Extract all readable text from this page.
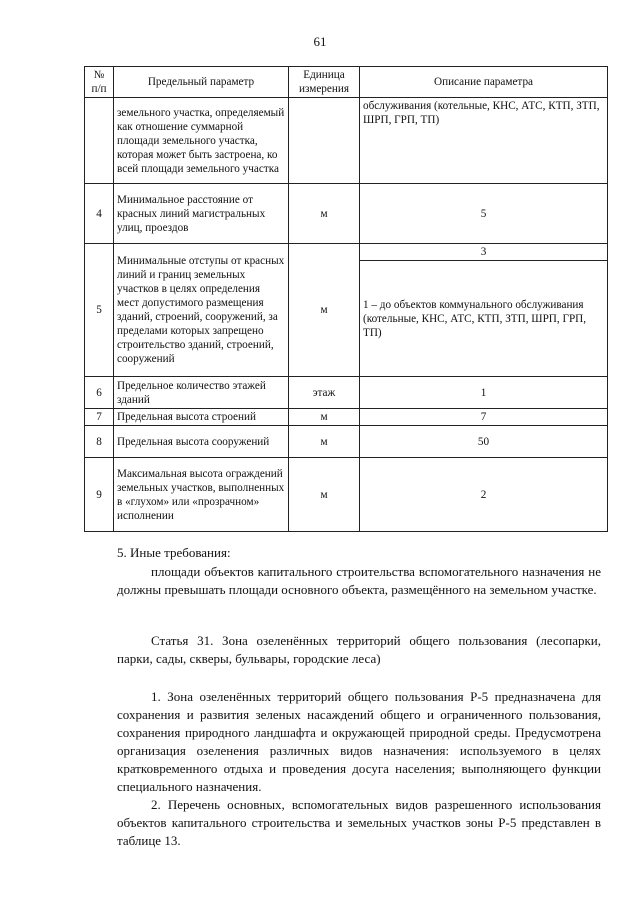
61
№ п/п	Предельный параметр	Единица измерения	Описание параметра
	земельного участка, определяемый как отношение суммарной площади земельного участка, которая может быть застроена, ко всей площади земельного участка		обслуживания (котельные, КНС, АТС, КТП, ЗТП, ШРП, ГРП, ТП)
4	Минимальное расстояние от красных линий магистральных улиц, проездов	м	5
5	Минимальные отступы от красных линий и границ земельных участков в целях определения мест допустимого размещения зданий, строений, сооружений, за пределами которых запрещено строительство зданий, строений, сооружений	м	3
			1 – до объектов коммунального обслуживания (котельные, КНС, АТС, КТП, ЗТП, ШРП, ГРП, ТП)
6	Предельное количество этажей зданий	этаж	1
7	Предельная высота строений	м	7
8	Предельная высота сооружений	м	50
9	Максимальная высота ограждений земельных участков, выполненных в «глухом» или «прозрачном» исполнении	м	2
5. Иные требования:

площади объектов капитального строительства вспомогательного назначения не должны превышать площади основного объекта, размещённого на земельном участке.

Статья 31. Зона озеленённых территорий общего пользования (лесопарки, парки, сады, скверы, бульвары, городские леса)

1. Зона озеленённых территорий общего пользования Р-5 предназначена для сохранения и развития зеленых насаждений общего и ограниченного пользования, сохранения природного ландшафта и окружающей природной среды. Предусмотрена организация озеленения различных видов назначения: используемого в целях кратковременного отдыха и проведения досуга населения; выполняющего функции специального назначения.

2. Перечень основных, вспомогательных видов разрешенного использования объектов капитального строительства и земельных участков зоны Р-5 представлен в таблице 13.
